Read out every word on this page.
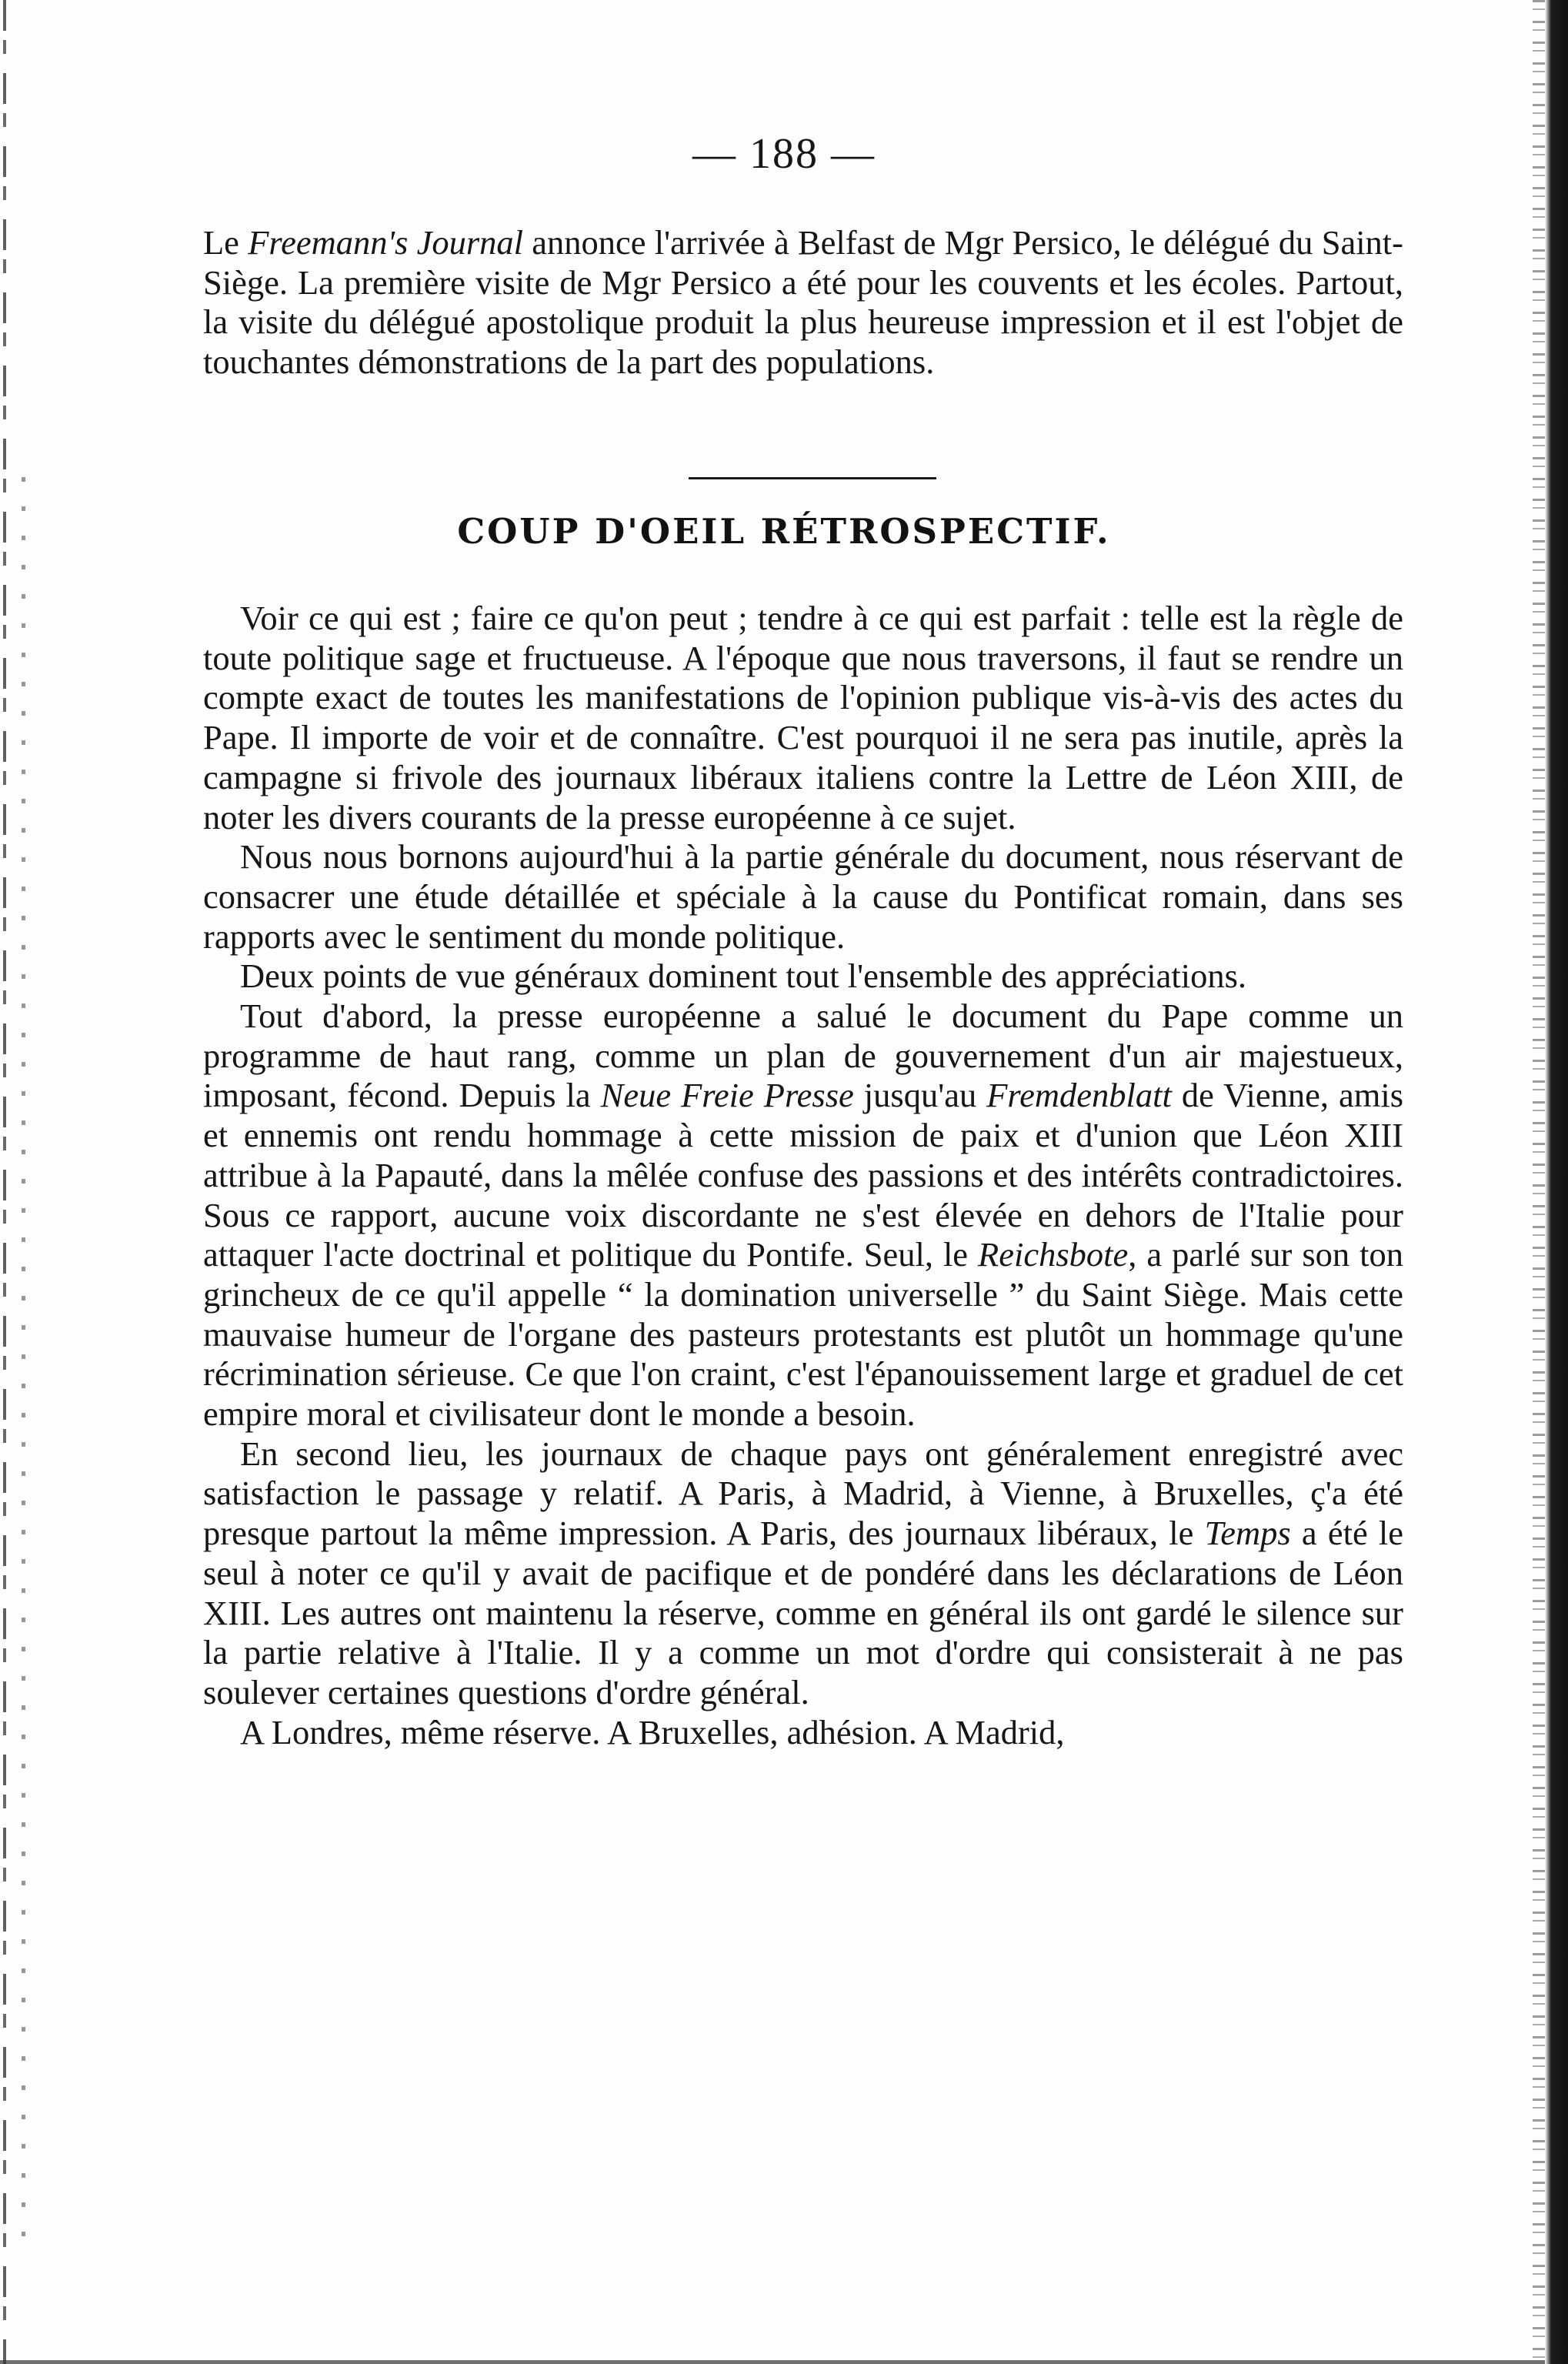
— 188 —

Le Freemann's Journal annonce l'arrivée à Belfast de Mgr Persico, le délégué du Saint-Siège. La première visite de Mgr Persico a été pour les couvents et les écoles. Partout, la visite du délégué apostolique produit la plus heureuse impression et il est l'objet de touchantes démonstrations de la part des populations.

COUP D'OEIL RÉTROSPECTIF.

Voir ce qui est ; faire ce qu'on peut ; tendre à ce qui est parfait : telle est la règle de toute politique sage et fructueuse. A l'époque que nous traversons, il faut se rendre un compte exact de toutes les manifestations de l'opinion publique vis-à-vis des actes du Pape. Il importe de voir et de connaître. C'est pourquoi il ne sera pas inutile, après la campagne si frivole des journaux libéraux italiens contre la Lettre de Léon XIII, de noter les divers courants de la presse européenne à ce sujet.

Nous nous bornons aujourd'hui à la partie générale du document, nous réservant de consacrer une étude détaillée et spéciale à la cause du Pontificat romain, dans ses rapports avec le sentiment du monde politique.

Deux points de vue généraux dominent tout l'ensemble des appréciations.

Tout d'abord, la presse européenne a salué le document du Pape comme un programme de haut rang, comme un plan de gouvernement d'un air majestueux, imposant, fécond. Depuis la Neue Freie Presse jusqu'au Fremdenblatt de Vienne, amis et ennemis ont rendu hommage à cette mission de paix et d'union que Léon XIII attribue à la Papauté, dans la mêlée confuse des passions et des intérêts contradictoires. Sous ce rapport, aucune voix discordante ne s'est élevée en dehors de l'Italie pour attaquer l'acte doctrinal et politique du Pontife. Seul, le Reichsbote, a parlé sur son ton grincheux de ce qu'il appelle “ la domination universelle ” du Saint Siège. Mais cette mauvaise humeur de l'organe des pasteurs protestants est plutôt un hommage qu'une récrimination sérieuse. Ce que l'on craint, c'est l'épanouissement large et graduel de cet empire moral et civilisateur dont le monde a besoin.

En second lieu, les journaux de chaque pays ont généralement enregistré avec satisfaction le passage y relatif. A Paris, à Madrid, à Vienne, à Bruxelles, ç'a été presque partout la même impression. A Paris, des journaux libéraux, le Temps a été le seul à noter ce qu'il y avait de pacifique et de pondéré dans les déclarations de Léon XIII. Les autres ont maintenu la réserve, comme en général ils ont gardé le silence sur la partie relative à l'Italie. Il y a comme un mot d'ordre qui consisterait à ne pas soulever certaines questions d'ordre général.

A Londres, même réserve. A Bruxelles, adhésion. A Madrid,
